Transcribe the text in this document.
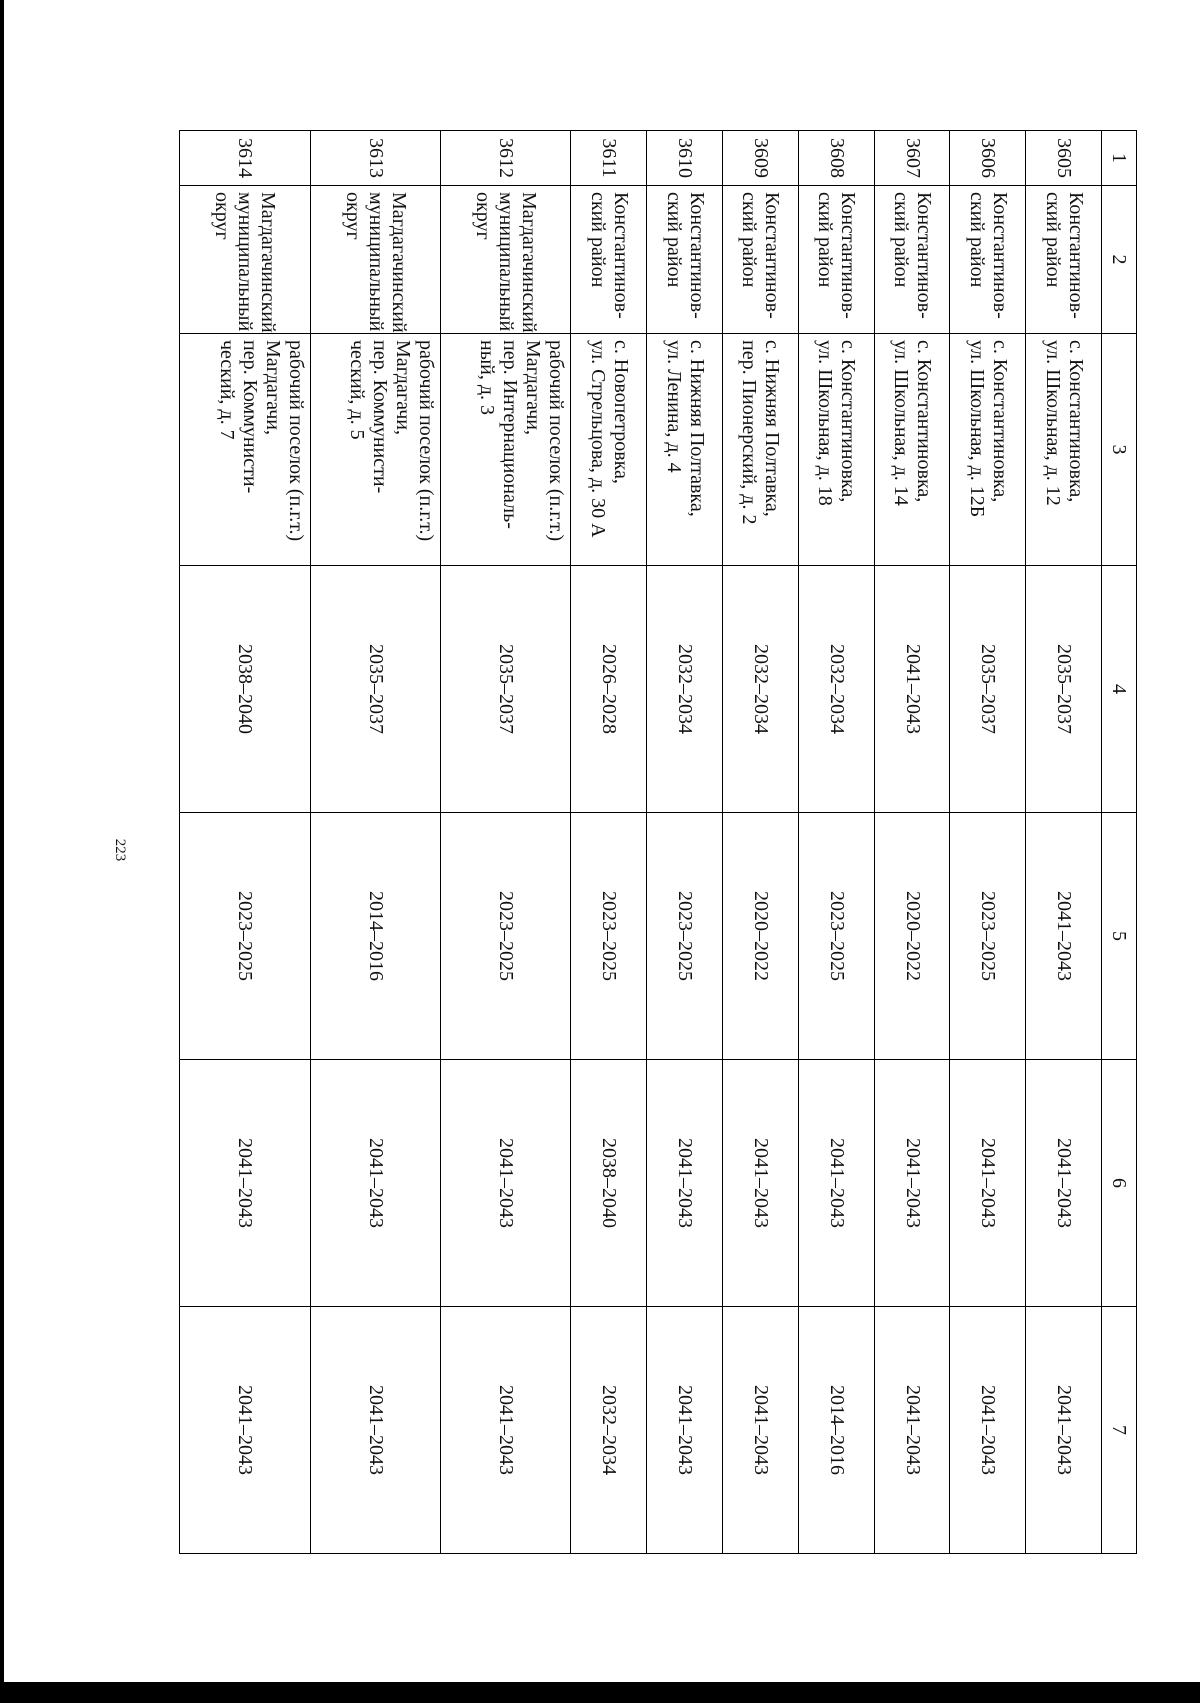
223
1	2	3	4	5	6	7
3605	Константинов-
ский район	с. Константиновка,
ул. Школьная, д. 12	2035–2037	2041–2043	2041–2043	2041–2043
3606	Константинов-
ский район	с. Константиновка,
ул. Школьная, д. 12Б	2035–2037	2023–2025	2041–2043	2041–2043
3607	Константинов-
ский район	с. Константиновка,
ул. Школьная, д. 14	2041–2043	2020–2022	2041–2043	2041–2043
3608	Константинов-
ский район	с. Константиновка,
ул. Школьная, д. 18	2032–2034	2023–2025	2041–2043	2014–2016
3609	Константинов-
ский район	с. Нижняя Полтавка,
пер. Пионерский, д. 2	2032–2034	2020–2022	2041–2043	2041–2043
3610	Константинов-
ский район	с. Нижняя Полтавка,
ул. Ленина, д. 4	2032–2034	2023–2025	2041–2043	2041–2043
3611	Константинов-
ский район	с. Новопетровка,
ул. Стрельцова, д. 30 А	2026–2028	2023–2025	2038–2040	2032–2034
3612	Магдагачинский
муниципальный
округ	рабочий поселок (п.г.т.)
Магдагачи,
пер. Интернациональ-
ный, д. 3	2035–2037	2023–2025	2041–2043	2041–2043
3613	Магдагачинский
муниципальный
округ	рабочий поселок (п.г.т.)
Магдагачи,
пер. Коммунисти-
ческий, д. 5	2035–2037	2014–2016	2041–2043	2041–2043
3614	Магдагачинский
муниципальный
округ	рабочий поселок (п.г.т.)
Магдагачи,
пер. Коммунисти-
ческий, д. 7	2038–2040	2023–2025	2041–2043	2041–2043
